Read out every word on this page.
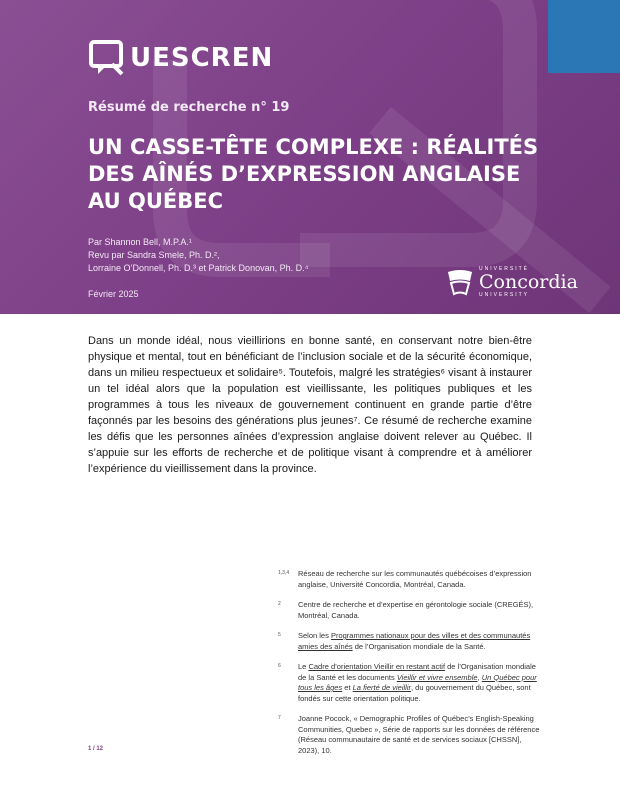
UESCREN
Résumé de recherche n° 19
UN CASSE-TÊTE COMPLEXE : RÉALITÉS DES AÎNÉS D’EXPRESSION ANGLAISE AU QUÉBEC
Par Shannon Bell, M.P.A.¹
Revu par Sandra Smele, Ph. D.²,
Lorraine O’Donnell, Ph. D.³ et Patrick Donovan, Ph. D.⁴
Février 2025
UNIVERSITÉ
Concordia
UNIVERSITY

Dans un monde idéal, nous vieillirions en bonne santé, en conservant notre bien-être physique et mental, tout en bénéficiant de l’inclusion sociale et de la sécurité économique, dans un milieu respectueux et solidaire⁵. Toutefois, malgré les stratégies⁶ visant à instaurer un tel idéal alors que la population est vieillissante, les politiques publiques et les programmes à tous les niveaux de gouvernement continuent en grande partie d’être façonnés par les besoins des générations plus jeunes⁷. Ce résumé de recherche examine les défis que les personnes aînées d’expression anglaise doivent relever au Québec. Il s’appuie sur les efforts de recherche et de politique visant à comprendre et à améliorer l’expérience du vieillissement dans la province.

1,3,4	Réseau de recherche sur les communautés québécoises d’expression anglaise, Université Concordia, Montréal, Canada.
2	Centre de recherche et d’expertise en gérontologie sociale (CREGÉS), Montréal, Canada.
5	Selon les Programmes nationaux pour des villes et des communautés amies des aînés de l’Organisation mondiale de la Santé.
6	Le Cadre d’orientation Vieillir en restant actif de l’Organisation mondiale de la Santé et les documents Vieillir et vivre ensemble, Un Québec pour tous les âges et La fierté de vieillir, du gouvernement du Québec, sont fondés sur cette orientation politique.
7	Joanne Pocock, « Demographic Profiles of Québec’s English-Speaking Communities, Quebec », Série de rapports sur les données de référence (Réseau communautaire de santé et de services sociaux [CHSSN], 2023), 10.
1 / 12
